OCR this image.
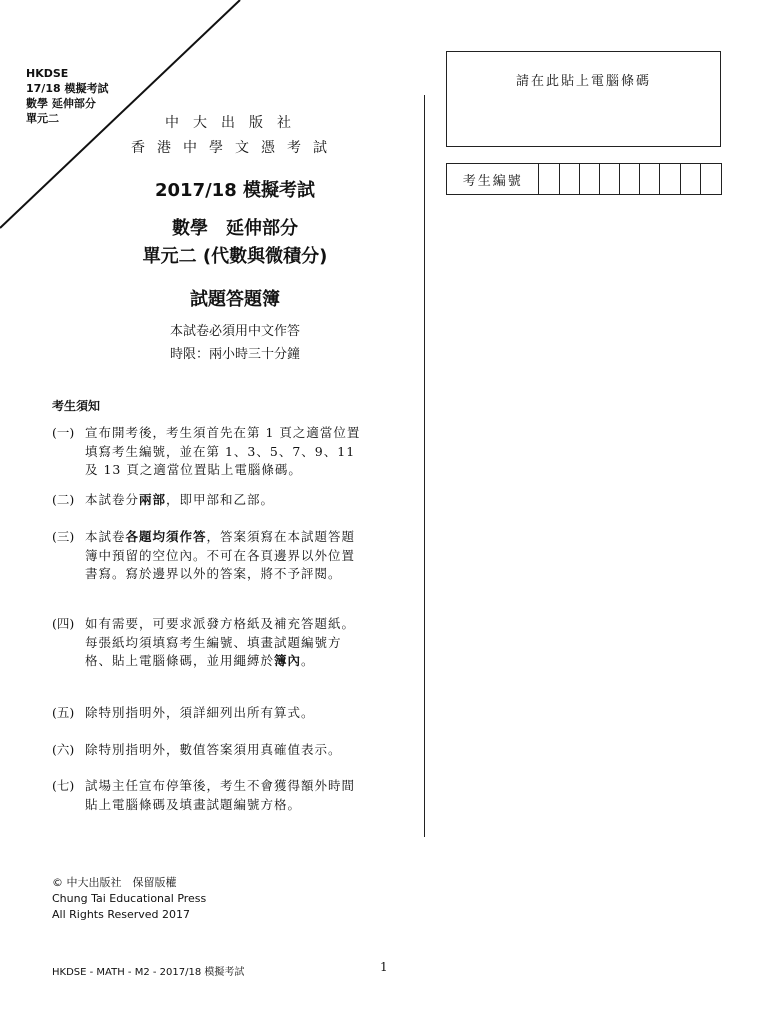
HKDSE
17/18 模擬考試
數學 延伸部分
單元二	中大出版社
香港中學文憑考試
2017/18 模擬考試
數學　延伸部分
單元二 (代數與微積分)
試題答題簿
本試卷必須用中文作答
時限：兩小時三十分鐘
請在此貼上電腦條碼
考生編號
考生須知
(一) 宣布開考後，考生須首先在第 1 頁之適當位置填寫考生編號，並在第 1、3、5、7、9、11 及 13 頁之適當位置貼上電腦條碼。
(二) 本試卷分兩部，即甲部和乙部。
(三) 本試卷各題均須作答，答案須寫在本試題答題簿中預留的空位內。不可在各頁邊界以外位置書寫。寫於邊界以外的答案，將不予評閱。
(四) 如有需要，可要求派發方格紙及補充答題紙。每張紙均須填寫考生編號、填畫試題編號方格、貼上電腦條碼，並用繩縛於簿內。
(五) 除特別指明外，須詳細列出所有算式。
(六) 除特別指明外，數值答案須用真確值表示。
(七) 試場主任宣布停筆後，考生不會獲得額外時間貼上電腦條碼及填畫試題編號方格。
© 中大出版社　保留版權
Chung Tai Educational Press
All Rights Reserved 2017
HKDSE - MATH - M2 - 2017/18 模擬考試	1
